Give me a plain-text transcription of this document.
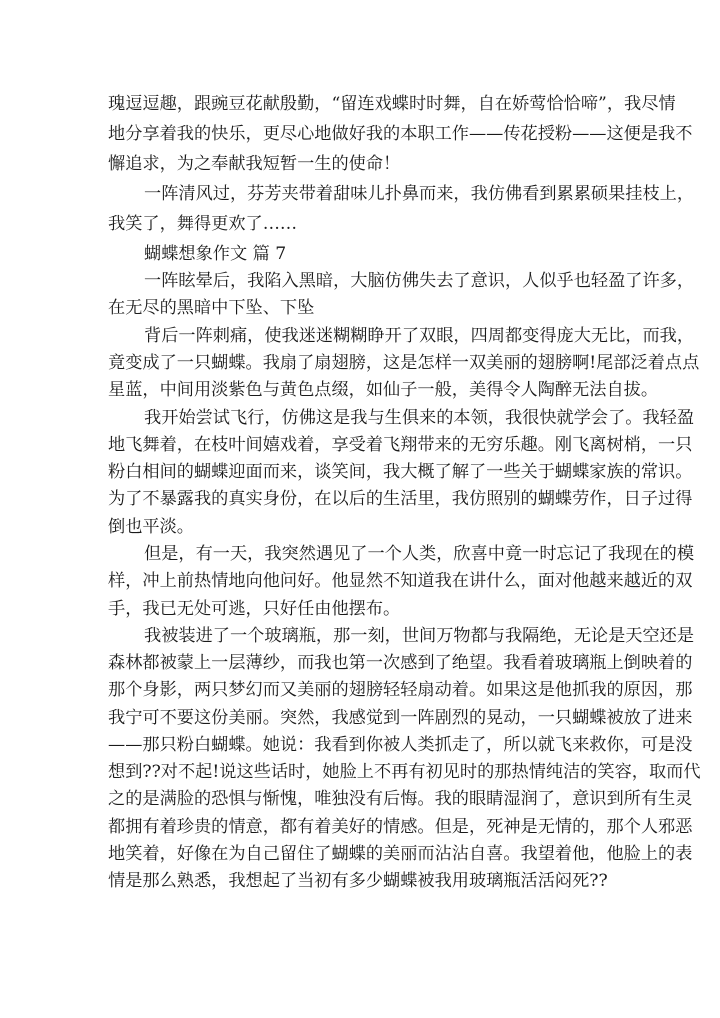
瑰逗逗趣，跟豌豆花献殷勤，“留连戏蝶时时舞，自在娇莺恰恰啼”，我尽情
地分享着我的快乐，更尽心地做好我的本职工作——传花授粉——这便是我不
懈追求，为之奉献我短暂一生的使命！
一阵清风过，芬芳夹带着甜味儿扑鼻而来，我仿佛看到累累硕果挂枝上，
我笑了，舞得更欢了……
蝴蝶想象作文 篇 7
一阵眩晕后，我陷入黑暗，大脑仿佛失去了意识，人似乎也轻盈了许多，
在无尽的黑暗中下坠、下坠
背后一阵刺痛，使我迷迷糊糊睁开了双眼，四周都变得庞大无比，而我，
竟变成了一只蝴蝶。我扇了扇翅膀，这是怎样一双美丽的翅膀啊!尾部泛着点点
星蓝，中间用淡紫色与黄色点缀，如仙子一般，美得令人陶醉无法自拔。
我开始尝试飞行，仿佛这是我与生俱来的本领，我很快就学会了。我轻盈
地飞舞着，在枝叶间嬉戏着，享受着飞翔带来的无穷乐趣。刚飞离树梢，一只
粉白相间的蝴蝶迎面而来，谈笑间，我大概了解了一些关于蝴蝶家族的常识。
为了不暴露我的真实身份，在以后的生活里，我仿照别的蝴蝶劳作，日子过得
倒也平淡。
但是，有一天，我突然遇见了一个人类，欣喜中竟一时忘记了我现在的模
样，冲上前热情地向他问好。他显然不知道我在讲什么，面对他越来越近的双
手，我已无处可逃，只好任由他摆布。
我被装进了一个玻璃瓶，那一刻，世间万物都与我隔绝，无论是天空还是
森林都被蒙上一层薄纱，而我也第一次感到了绝望。我看着玻璃瓶上倒映着的
那个身影，两只梦幻而又美丽的翅膀轻轻扇动着。如果这是他抓我的原因，那
我宁可不要这份美丽。突然，我感觉到一阵剧烈的晃动，一只蝴蝶被放了进来
——那只粉白蝴蝶。她说：我看到你被人类抓走了，所以就飞来救你，可是没
想到??对不起!说这些话时，她脸上不再有初见时的那热情纯洁的笑容，取而代
之的是满脸的恐惧与惭愧，唯独没有后悔。我的眼睛湿润了，意识到所有生灵
都拥有着珍贵的情意，都有着美好的情感。但是，死神是无情的，那个人邪恶
地笑着，好像在为自己留住了蝴蝶的美丽而沾沾自喜。我望着他，他脸上的表
情是那么熟悉，我想起了当初有多少蝴蝶被我用玻璃瓶活活闷死??
